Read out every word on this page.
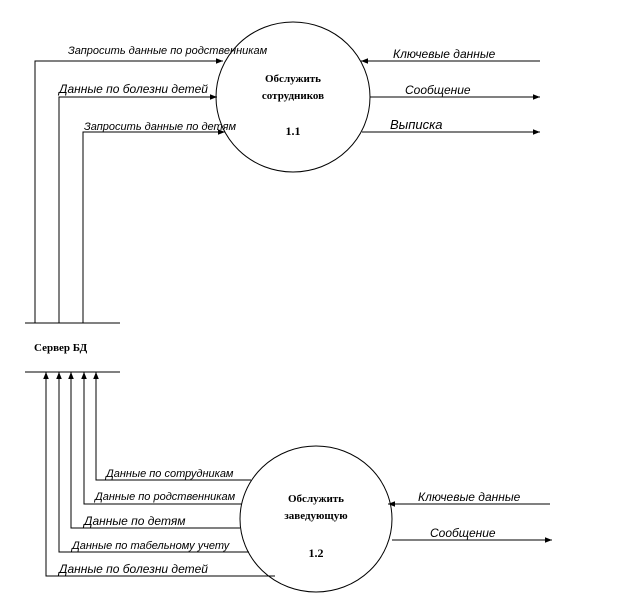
Обслужить
сотрудников
1.1
Запросить данные по родственникам
Данные по болезни детей
Запросить данные по детям
Ключевые данные
Сообщение
Выписка
Сервер БД
Обслужить
заведующую
1.2
Данные по сотрудникам
Данные по родственникам
Данные по детям
Данные по табельному учету
Данные по болезни детей
Ключевые данные
Сообщение
